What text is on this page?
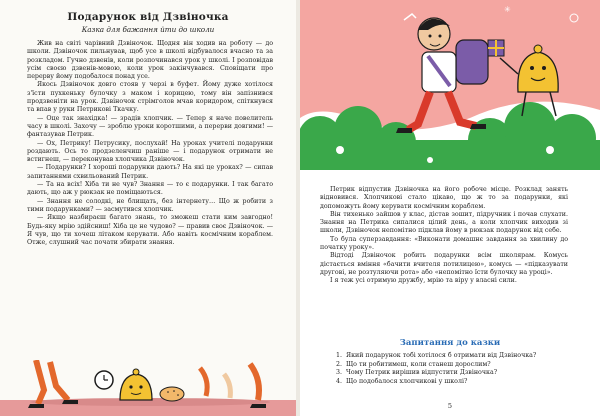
Подарунок від Дзвіночка
Казка для бажання йти до школи

Жив на світі чарівний Дзвіночок. Щодня він ходив на роботу — до школи. Дзвіночок пильнував, щоб усе в школі відбувалося вчасно та за розкладом. Гучно дзвенів, коли розпочинався урок у школі. І розповідав усім своєю дзвенів-мовою, коли урок закінчувався. Сповіщати про перерву йому подобалося понад усе.

Якось Дзвіночок довго стояв у черзі в буфет. Йому дуже хотілося з'їсти пухкеньку булочку з маком і корицею, тому він запізнився продзвеніти на урок. Дзвіночок стрімголов мчав коридором, спіткнувся та впав у руки Петрикові Ткачку.

— Оце так знахідка! — зрадів хлопчик. — Тепер я наче повелитель часу в школі. Захочу — зроблю уроки коротшими, а перерви довгими! — фантазував Петрик.

— Ох, Петрику! Петрусику, послухай! На уроках учителі подарунки роздають. Ось то продзеленчиш раніше — і подарунок отримати не встигнеш, — переконував хлопчика Дзвіночок.

— Подарунки? І хороші подарунки дають? На які це уроках? — сипав запитаннями схвильований Петрик.

— Та на всіх! Хіба ти не чув? Знання — то є подарунки. І так багато дають, що аж у рюкзак не поміщаються.

— Знання не солодкі, не блищать, без інтернету… Що ж робити з тими подарунками? — засмутився хлопчик.

— Якщо назбираєш багато знань, то зможеш стати ким завгодно! Будь-яку мрію здійсниш! Хіба це не чудово? — правив своє Дзвіночок. — Я чув, що ти хочеш літаком керувати. Або навіть космічним кораблем. Отже, слушний час почати збирати знання.

✳

Петрик відпустив Дзвіночка на його робоче місце. Розклад занять відновився. Хлопчикові стало цікаво, що ж то за подарунки, які допоможуть йому керувати космічним кораблем.

Він тихенько зайшов у клас, дістав зошит, підручник і почав слухати. Знання на Петрика сипалися цілий день, а коли хлопчик виходив зі школи, Дзвіночок непомітно підклав йому в рюкзак подарунок від себе.

То була суперзавдання: «Виконати домашнє завдання за хвилину до початку уроку».

Відтоді Дзвіночок робить подарунки всім школярам. Комусь дістається вміння «бачити вчителя потилицею», комусь — «підказувати другові, не розтуляючи рота» або «непомітно їсти булочку на уроці».

І я теж усі отримую дружбу, мрію та віру у власні сили.

Запитання до казки
1. Який подарунок тобі хотілося б отримати від Дзвіночка?
2. Що ти робитимеш, коли станеш дорослим?
3. Чому Петрик вирішив відпустити Дзвіночка?
4. Що подобалося хлопчикові у школі?
5
